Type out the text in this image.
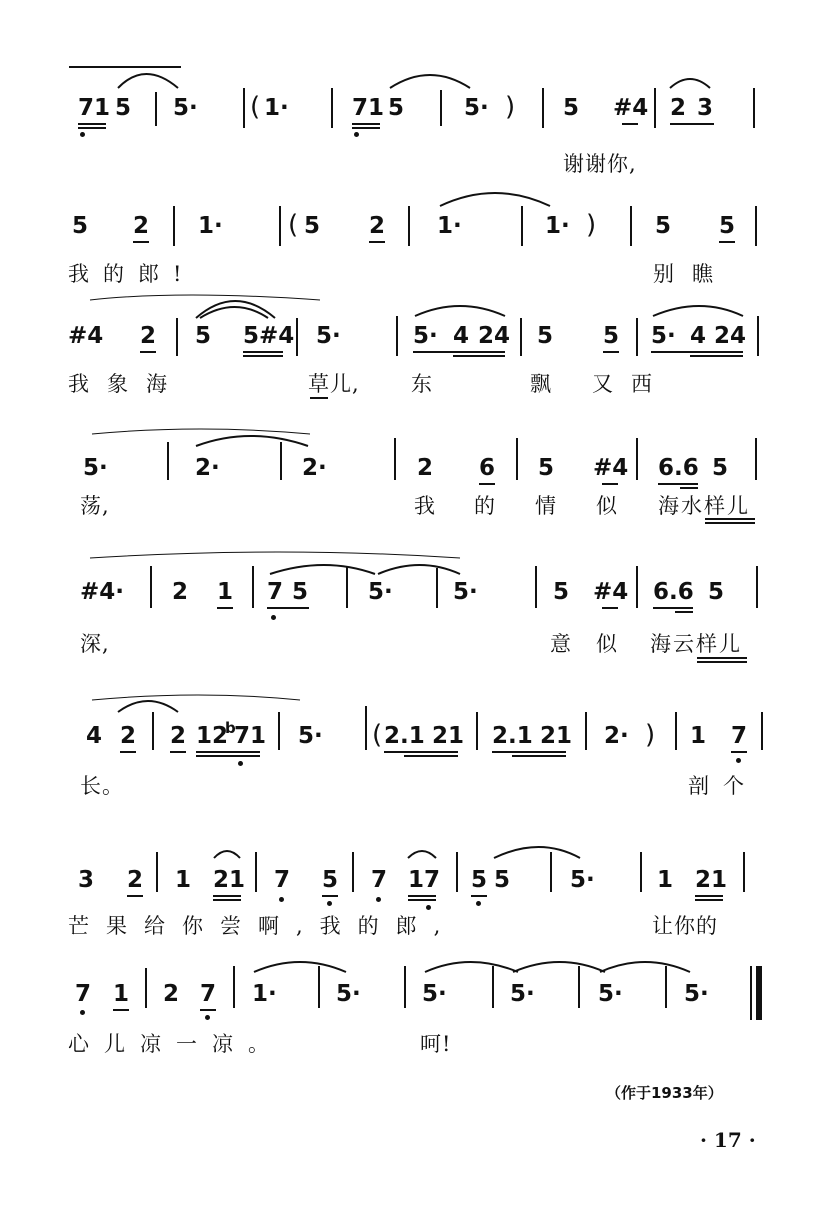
71 5 5· ( 1·	71 5	5· ) 5 #4 2 3
谢谢你,
5 2 1·	( 5 2 1·	1· )	5 5
我的郎!	别瞧
#4 2 5 5#4 5·	5· 4 24 5 5 5· 4 24
我象海	草儿, 东	飘 又西
5·	2·	2·	2 6 5 #4 6.6 5
荡,	我 的 情 似 海水样儿
#4· 2 1 7 5	5·	5·	5 #4 6.6 5
深,	意 似 海云样儿
4 2 2 12
b
71 5· ( 2.1 21 2.1 21 2· ) 1 7
长。	剖个
3 2 1 21 7 5 7 17 5 5	5·	1 21
芒果给你尝啊,我的郎,	让你的
7 1 2 7 1·	5·	5·	5·	5·	5·
心儿凉一凉。	呵!
（作于1933年）
· 17 ·
